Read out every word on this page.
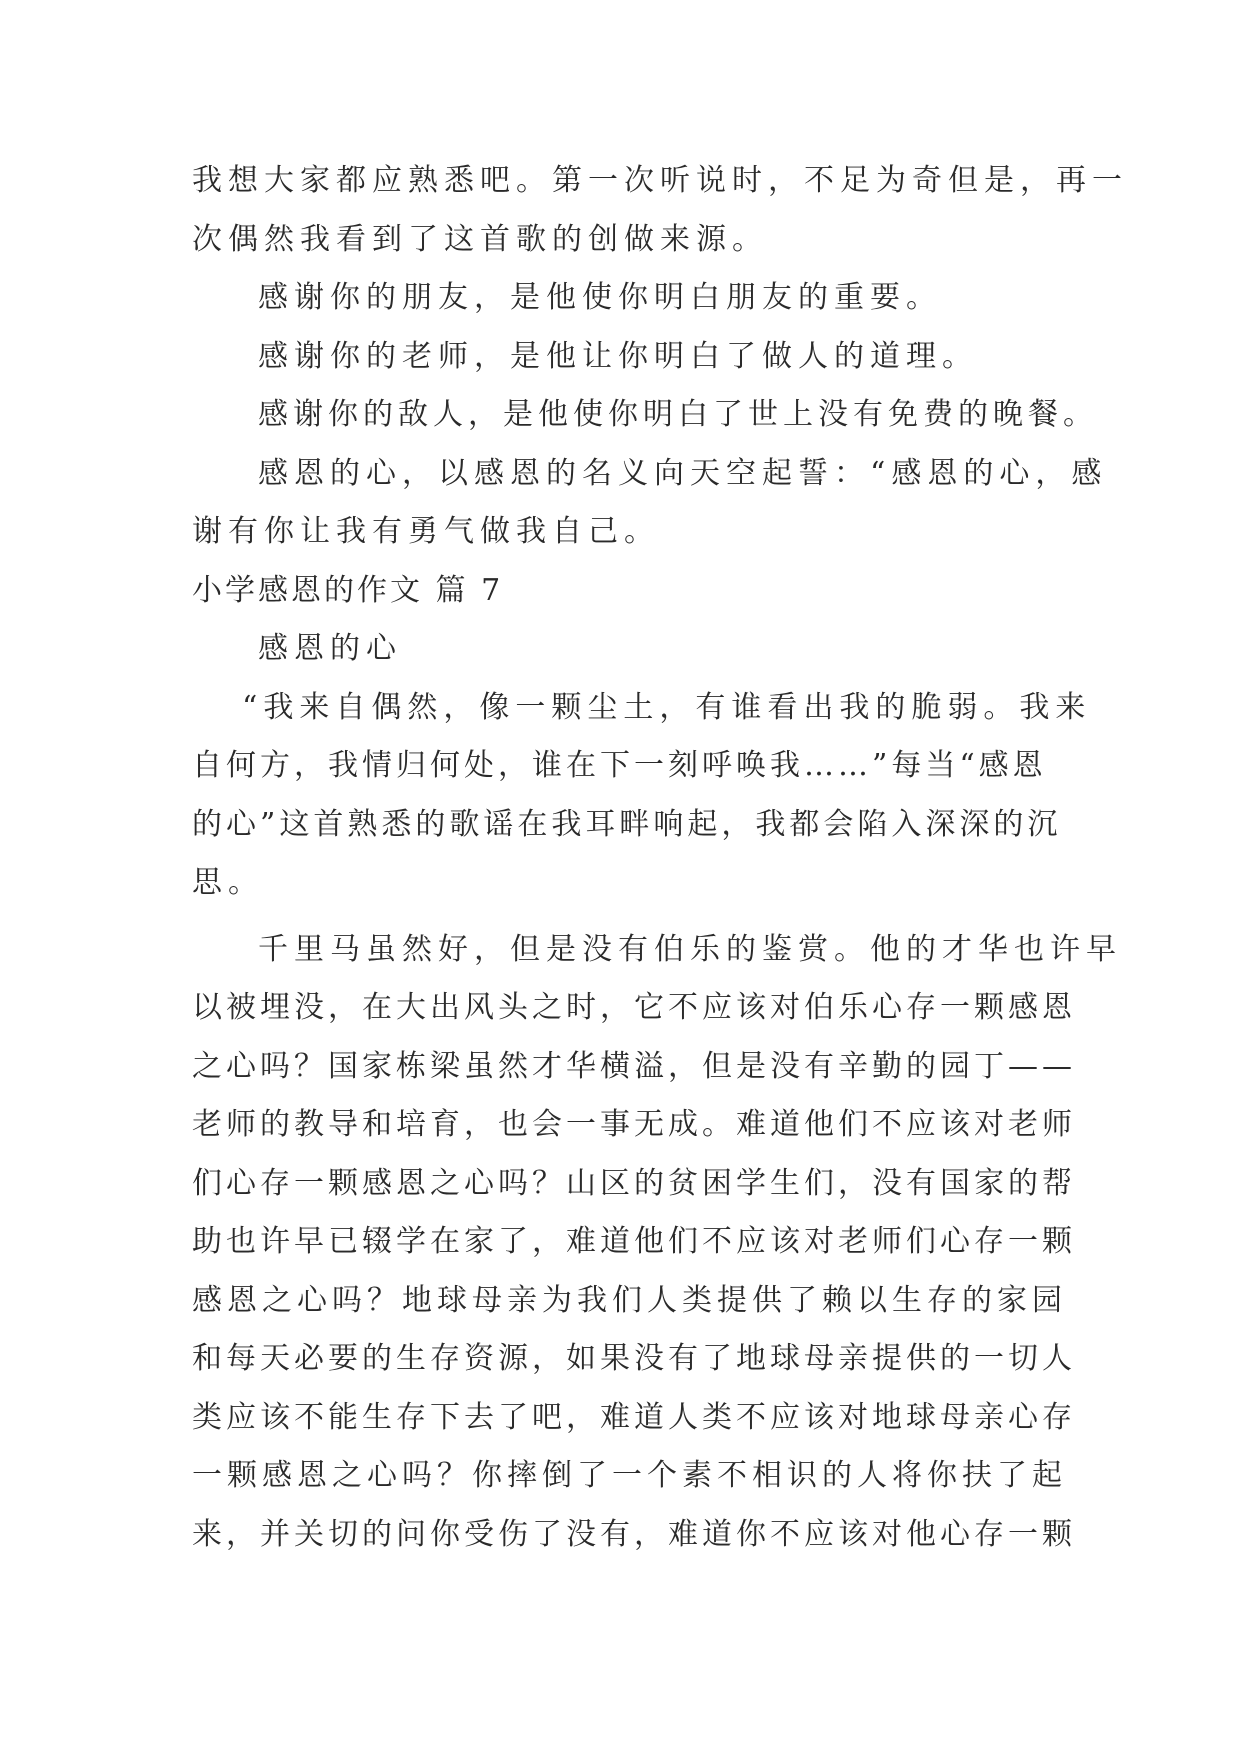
我想大家都应熟悉吧。第一次听说时，不足为奇但是，再一
次偶然我看到了这首歌的创做来源。
感谢你的朋友，是他使你明白朋友的重要。
感谢你的老师，是他让你明白了做人的道理。
感谢你的敌人，是他使你明白了世上没有免费的晚餐。
感恩的心，以感恩的名义向天空起誓：“感恩的心，感
谢有你让我有勇气做我自己。
小学感恩的作文 篇 7
感恩的心
“我来自偶然，像一颗尘土，有谁看出我的脆弱。我来
自何方，我情归何处，谁在下一刻呼唤我……”每当“感恩
的心”这首熟悉的歌谣在我耳畔响起，我都会陷入深深的沉
思。
千里马虽然好，但是没有伯乐的鉴赏。他的才华也许早
以被埋没，在大出风头之时，它不应该对伯乐心存一颗感恩
之心吗？国家栋梁虽然才华横溢，但是没有辛勤的园丁——
老师的教导和培育，也会一事无成。难道他们不应该对老师
们心存一颗感恩之心吗？山区的贫困学生们，没有国家的帮
助也许早已辍学在家了，难道他们不应该对老师们心存一颗
感恩之心吗？地球母亲为我们人类提供了赖以生存的家园
和每天必要的生存资源，如果没有了地球母亲提供的一切人
类应该不能生存下去了吧，难道人类不应该对地球母亲心存
一颗感恩之心吗？你摔倒了一个素不相识的人将你扶了起
来，并关切的问你受伤了没有，难道你不应该对他心存一颗
